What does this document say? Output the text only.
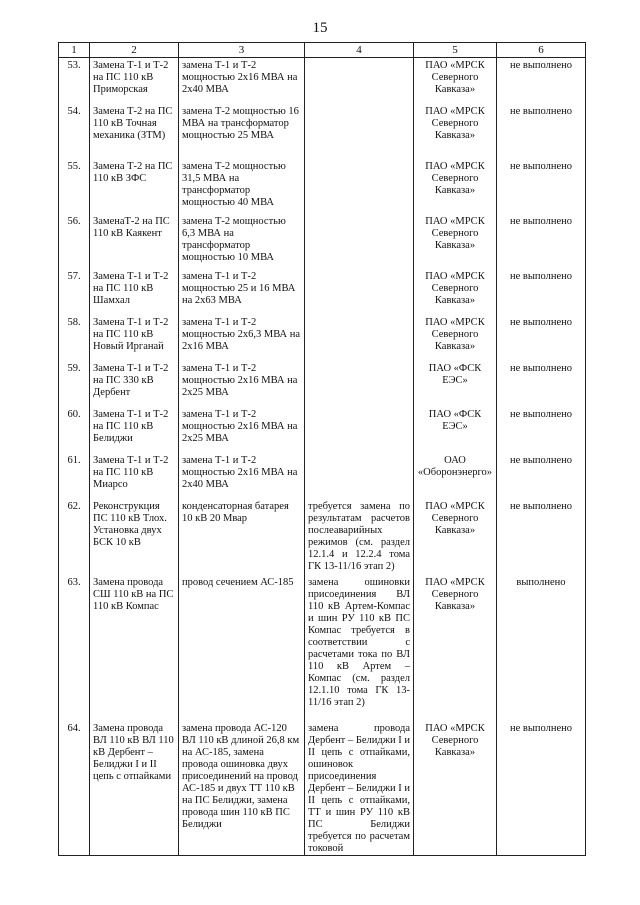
15
1	2	3	4	5	6
53.	Замена Т-1 и Т-2 на ПС 110 кВ Приморская	замена Т-1 и Т-2 мощностью 2х16 МВА на 2х40 МВА		ПАО «МРСК Северного Кавказа»	не выполнено
54.	Замена Т-2 на ПС 110 кВ Точная механика (ЗТМ)	замена Т-2 мощностью 16 МВА на трансформатор мощностью 25 МВА		ПАО «МРСК Северного Кавказа»	не выполнено
55.	Замена Т-2 на ПС 110 кВ ЗФС	замена Т-2 мощностью 31,5 МВА на трансформатор мощностью 40 МВА		ПАО «МРСК Северного Кавказа»	не выполнено
56.	ЗаменаТ-2 на ПС 110 кВ Каякент	замена Т-2 мощностью 6,3 МВА на трансформатор мощностью 10 МВА		ПАО «МРСК Северного Кавказа»	не выполнено
57.	Замена Т-1 и Т-2 на ПС 110 кВ Шамхал	замена Т-1 и Т-2 мощностью 25 и 16 МВА на 2х63 МВА		ПАО «МРСК Северного Кавказа»	не выполнено
58.	Замена Т-1 и Т-2 на ПС 110 кВ Новый Ирганай	замена Т-1 и Т-2 мощностью 2х6,3 МВА на 2х16 МВА		ПАО «МРСК Северного Кавказа»	не выполнено
59.	Замена Т-1 и Т-2 на ПС 330 кВ Дербент	замена Т-1 и Т-2 мощностью 2х16 МВА на 2х25 МВА		ПАО «ФСК ЕЭС»	не выполнено
60.	Замена Т-1 и Т-2 на ПС 110 кВ Белиджи	замена Т-1 и Т-2 мощностью 2х16 МВА на 2х25 МВА		ПАО «ФСК ЕЭС»	не выполнено
61.	Замена Т-1 и Т-2 на ПС 110 кВ Миарсо	замена Т-1 и Т-2 мощностью 2х16 МВА на 2х40 МВА		ОАО «Оборонэнерго»	не выполнено
62.	Реконструкция ПС 110 кВ Тлох. Установка двух БСК 10 кВ	конденсаторная батарея 10 кВ 20 Мвар	требуется замена по результатам расчетов послеаварийных режимов (см. раздел 12.1.4 и 12.2.4 тома ГК 13-11/16 этап 2)	ПАО «МРСК Северного Кавказа»	не выполнено
63.	Замена провода СШ 110 кВ на ПС 110 кВ Компас	провод сечением АС-185	замена ошиновки присоединения ВЛ 110 кВ Артем-Компас и шин РУ 110 кВ ПС Компас требуется в соответствии с расчетами тока по ВЛ 110 кВ Артем – Компас (см. раздел 12.1.10 тома ГК 13-11/16 этап 2)	ПАО «МРСК Северного Кавказа»	выполнено
64.	Замена провода ВЛ 110 кВ ВЛ 110 кВ Дербент – Белиджи I и II цепь с отпайками	замена провода АС-120 ВЛ 110 кВ длиной 26,8 км на АС-185, замена провода ошиновка двух присоединений на провод АС-185 и двух ТТ 110 кВ на ПС Белиджи, замена провода шин 110 кВ ПС Белиджи	замена провода Дербент – Белиджи I и II цепь с отпайками, ошиновок присоединения Дербент – Белиджи I и II цепь с отпайками, ТТ и шин РУ 110 кВ ПС Белиджи требуется по расчетам токовой	ПАО «МРСК Северного Кавказа»	не выполнено
